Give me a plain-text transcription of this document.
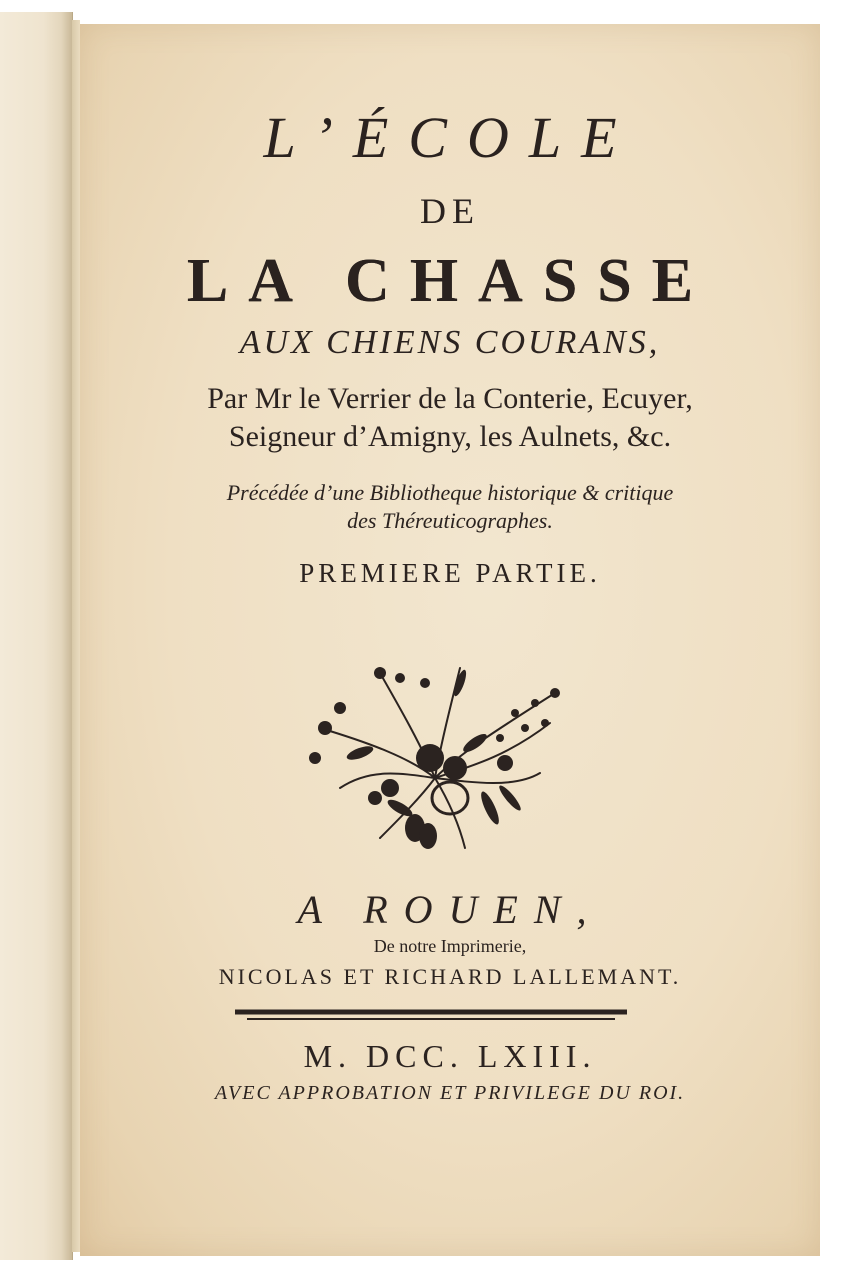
L’ÉCOLE
DE
LA CHASSE
AUX CHIENS COURANS,
Par Mr le Verrier de la Conterie, Ecuyer,
Seigneur d’Amigny, les Aulnets, &c.
Précédée d’une Bibliotheque historique & critique
des Théreuticographes.
PREMIERE PARTIE.
A ROUEN,
De notre Imprimerie,
NICOLAS ET RICHARD LALLEMANT.
M. DCC. LXIII.
AVEC APPROBATION ET PRIVILEGE DU ROI.
